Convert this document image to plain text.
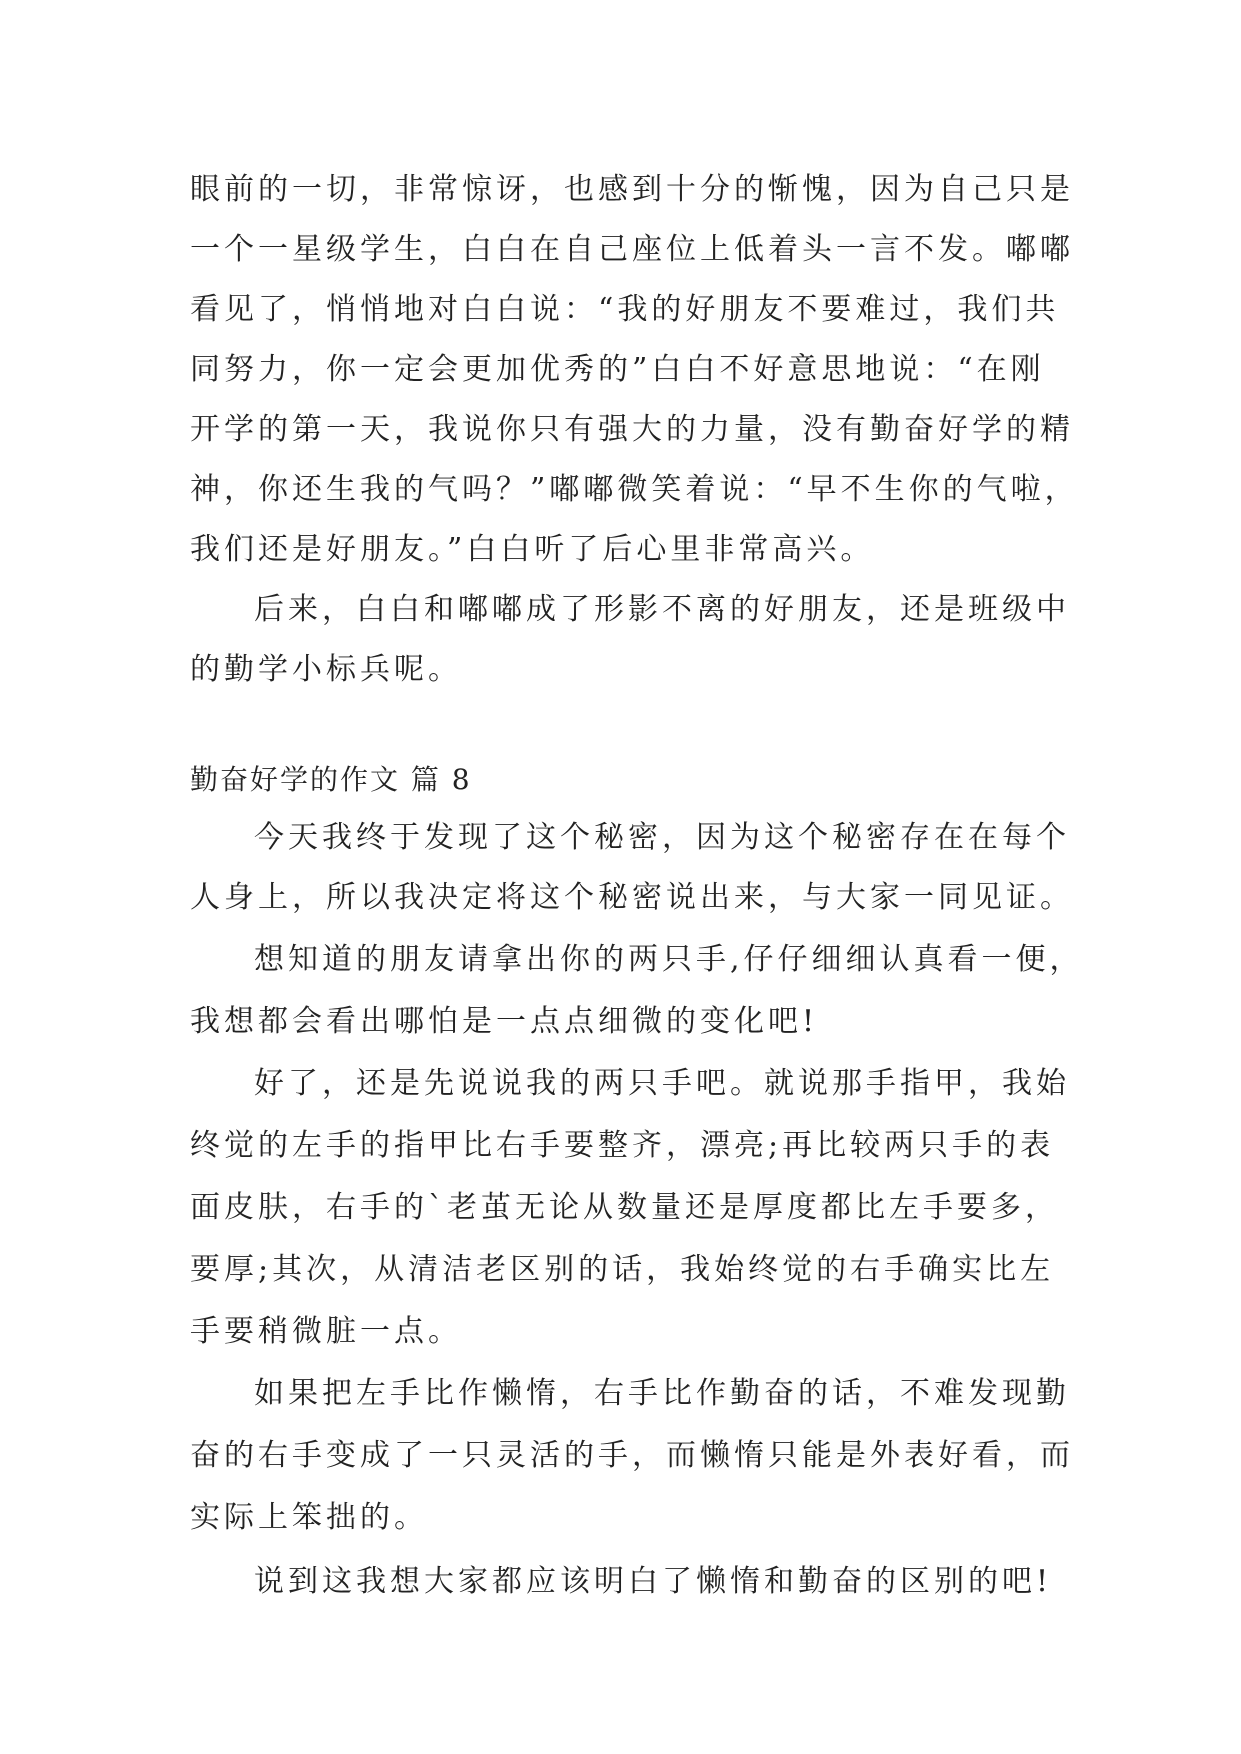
眼前的一切，非常惊讶，也感到十分的惭愧，因为自己只是
一个一星级学生，白白在自己座位上低着头一言不发。嘟嘟
看见了，悄悄地对白白说：“我的好朋友不要难过，我们共
同努力，你一定会更加优秀的”白白不好意思地说：“在刚
开学的第一天，我说你只有强大的力量，没有勤奋好学的精
神，你还生我的气吗？”嘟嘟微笑着说：“早不生你的气啦，
我们还是好朋友。”白白听了后心里非常高兴。
后来，白白和嘟嘟成了形影不离的好朋友，还是班级中
的勤学小标兵呢。
勤奋好学的作文 篇 8
今天我终于发现了这个秘密，因为这个秘密存在在每个
人身上，所以我决定将这个秘密说出来，与大家一同见证。
想知道的朋友请拿出你的两只手,仔仔细细认真看一便，
我想都会看出哪怕是一点点细微的变化吧!
好了，还是先说说我的两只手吧。就说那手指甲，我始
终觉的左手的指甲比右手要整齐，漂亮;再比较两只手的表
面皮肤，右手的`老茧无论从数量还是厚度都比左手要多，
要厚;其次，从清洁老区别的话，我始终觉的右手确实比左
手要稍微脏一点。
如果把左手比作懒惰，右手比作勤奋的话，不难发现勤
奋的右手变成了一只灵活的手，而懒惰只能是外表好看，而
实际上笨拙的。
说到这我想大家都应该明白了懒惰和勤奋的区别的吧!
